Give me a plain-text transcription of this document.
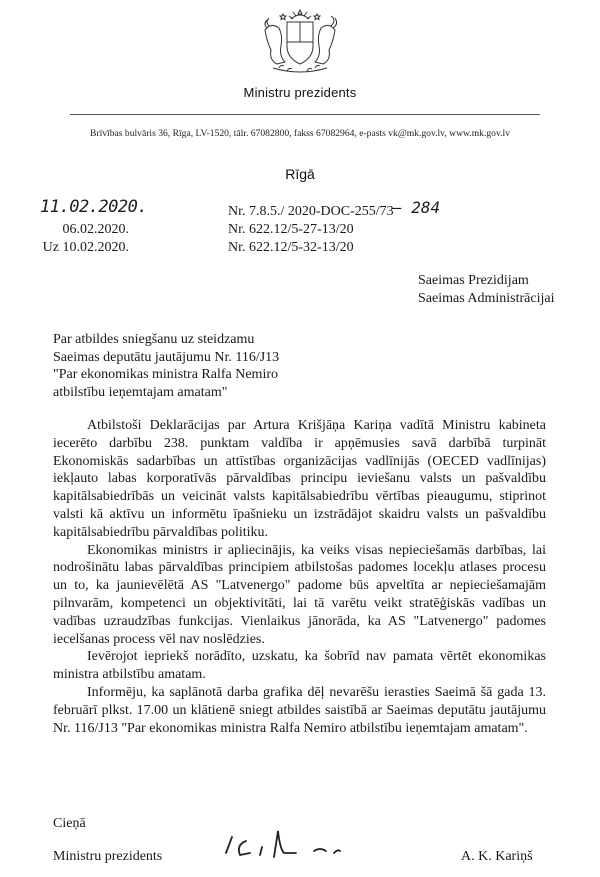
Ministru prezidents
Brīvības bulvāris 36, Rīga, LV-1520, tālr. 67082800, fakss 67082964, e-pasts vk@mk.gov.lv, www.mk.gov.lv
Rīgā
11.02.2020.
06.02.2020.
Uz 10.02.2020.
Nr. 7.8.5./ 2020-DOC-255/73
– 284
Nr. 622.12/5-27-13/20
Nr. 622.12/5-32-13/20
Saeimas Prezidijam
Saeimas Administrācijai
Par atbildes sniegšanu uz steidzamu
Saeimas deputātu jautājumu Nr. 116/J13
"Par ekonomikas ministra Ralfa Nemiro
atbilstību ieņemtajam amatam"
Atbilstoši Deklarācijas par Artura Krišjāņa Kariņa vadītā Ministru kabineta iecerēto darbību 238. punktam valdība ir apņēmusies savā darbībā turpināt Ekonomiskās sadarbības un attīstības organizācijas vadlīnijās (OECED vadlīnijas) iekļauto labas korporatīvās pārvaldības principu ieviešanu valsts un pašvaldību kapitālsabiedrībās un veicināt valsts kapitālsabiedrību vērtības pieaugumu, stiprinot valsti kā aktīvu un informētu īpašnieku un izstrādājot skaidru valsts un pašvaldību kapitālsabiedrību pārvaldības politiku.
Ekonomikas ministrs ir apliecinājis, ka veiks visas nepieciešamās darbības, lai nodrošinātu labas pārvaldības principiem atbilstošas padomes locekļu atlases procesu un to, ka jaunievēlētā AS "Latvenergo" padome būs apveltīta ar nepieciešamajām pilnvarām, kompetenci un objektivitāti, lai tā varētu veikt stratēģiskās vadības un vadības uzraudzības funkcijas. Vienlaikus jānorāda, ka AS "Latvenergo" padomes iecelšanas process vēl nav noslēdzies.
Ievērojot iepriekš norādīto, uzskatu, ka šobrīd nav pamata vērtēt ekonomikas ministra atbilstību amatam.
Informēju, ka saplānotā darba grafika dēļ nevarēšu ierasties Saeimā šā gada 13. februārī plkst. 17.00 un klātienē sniegt atbildes saistībā ar Saeimas deputātu jautājumu Nr. 116/J13 "Par ekonomikas ministra Ralfa Nemiro atbilstību ieņemtajam amatam".
Cieņā
Ministru prezidents	A. K. Kariņš
